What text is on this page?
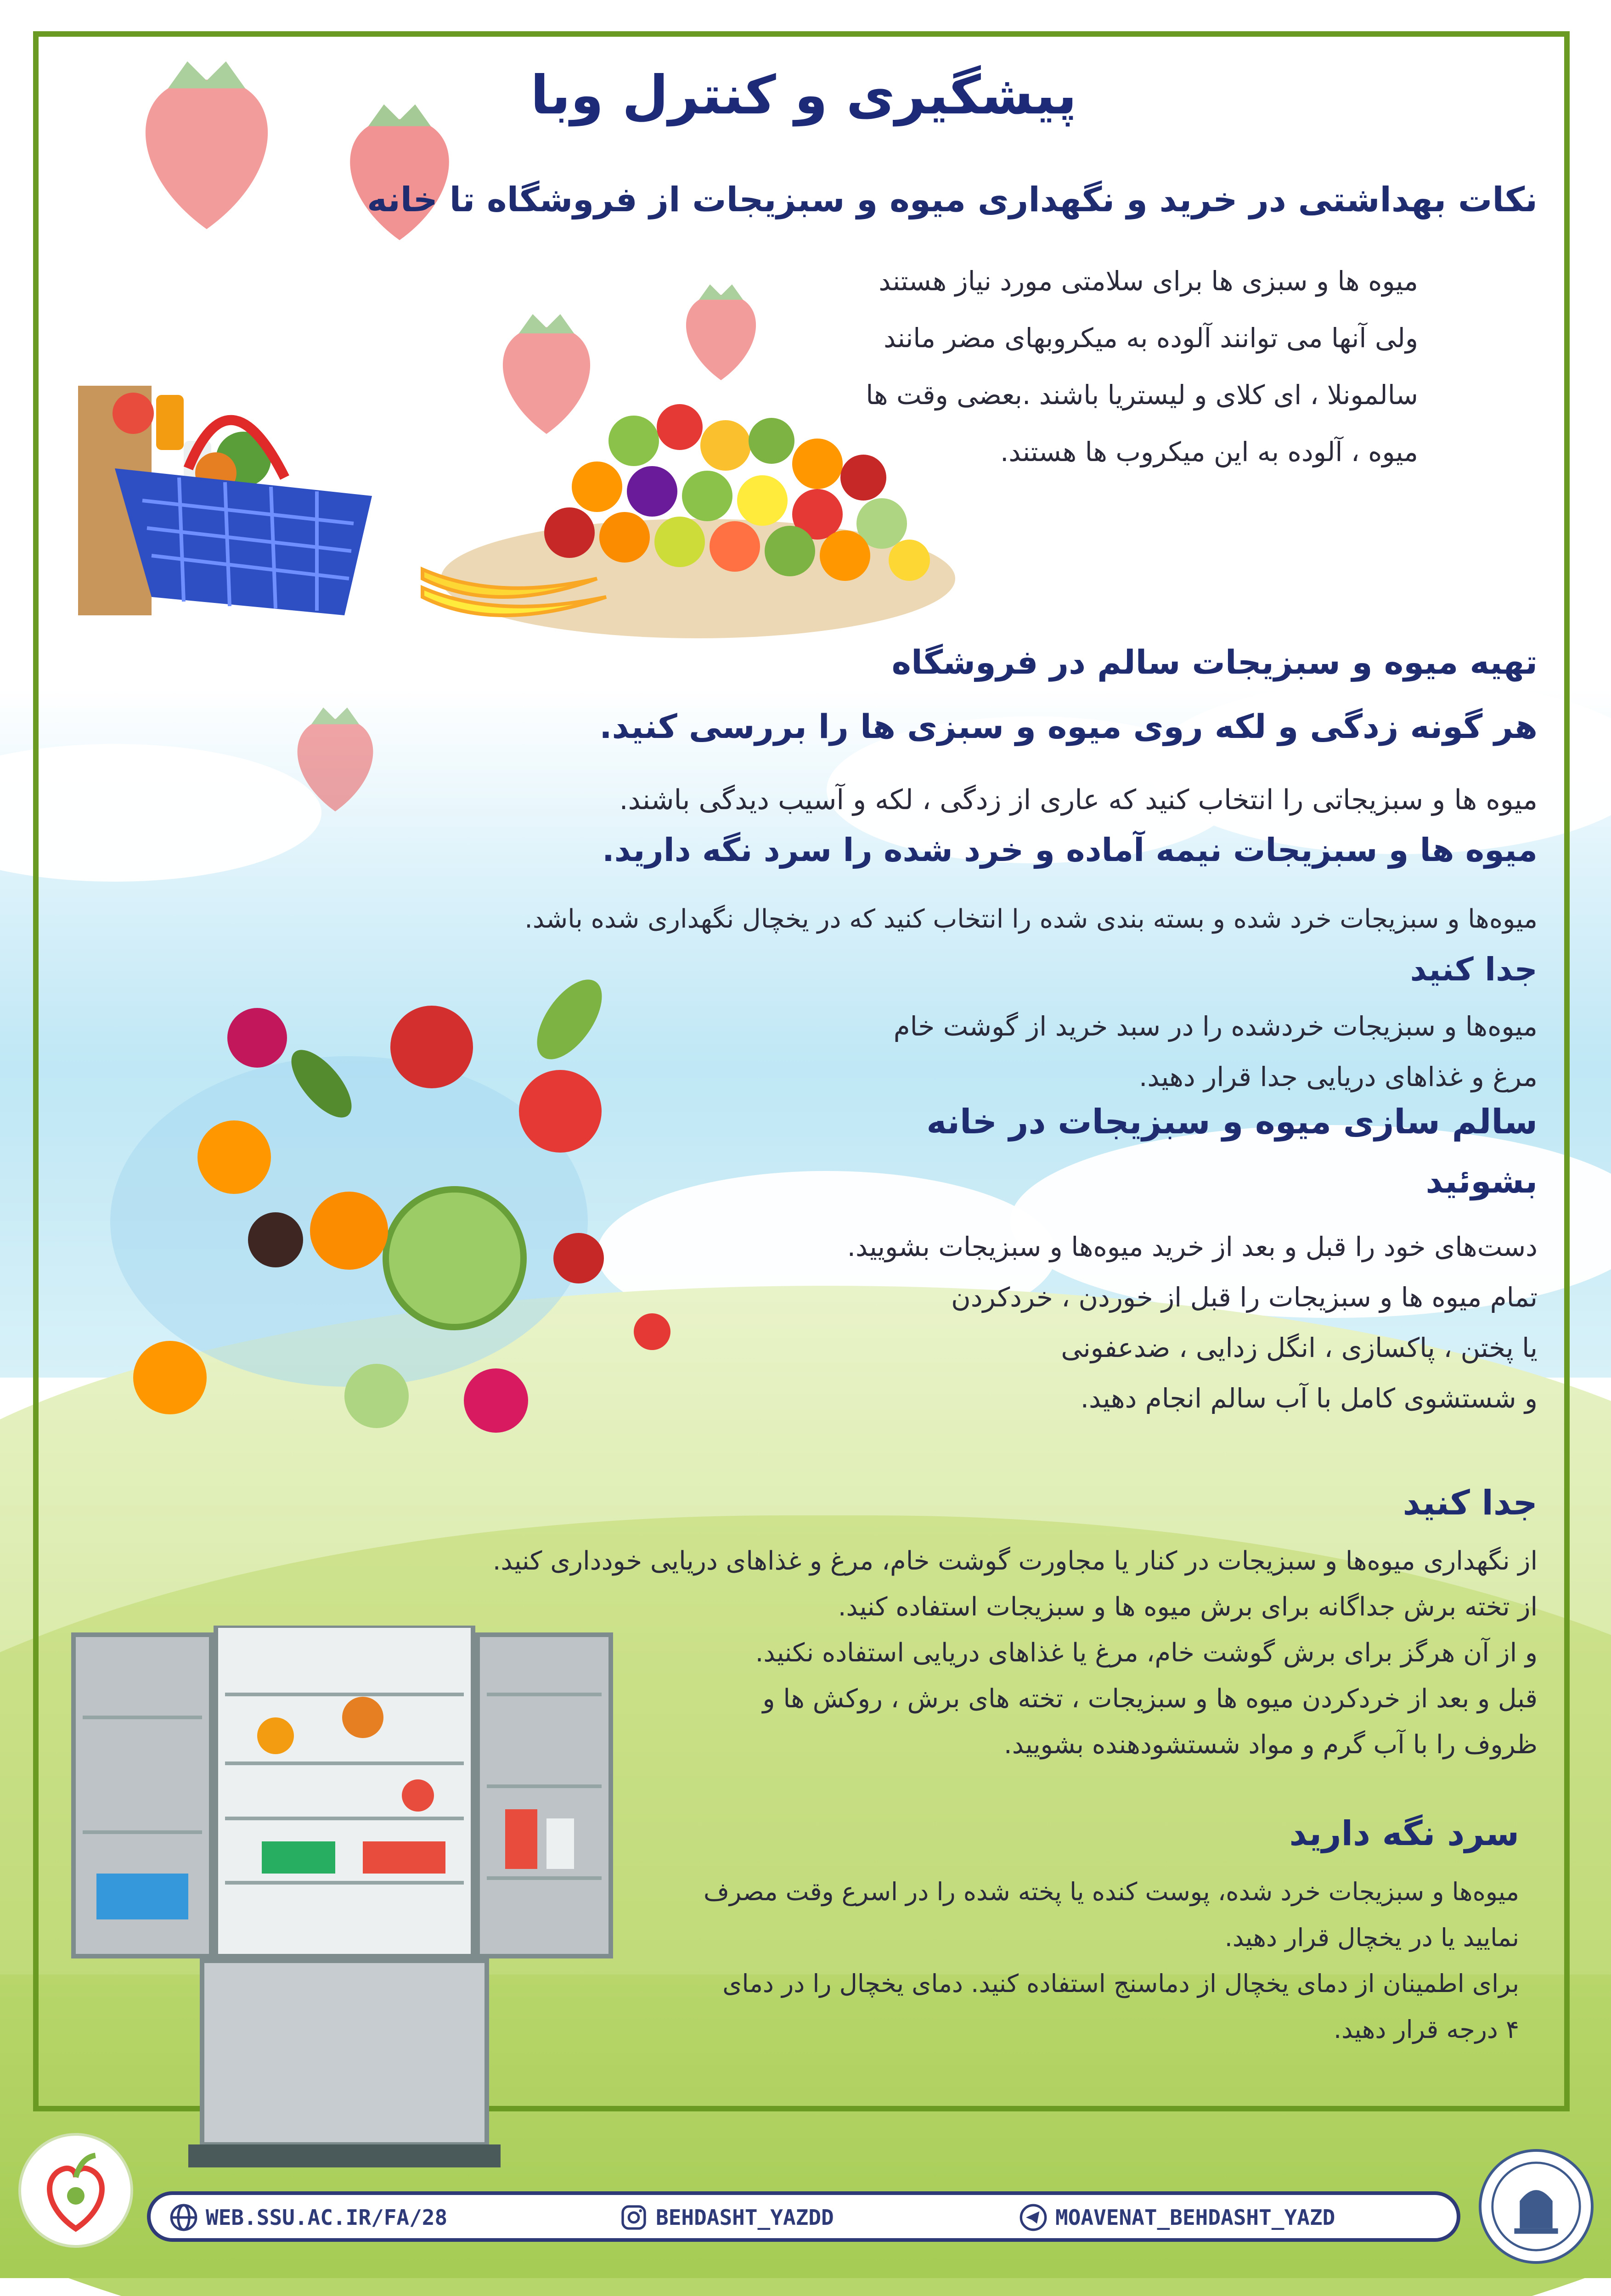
پیشگیری و کنترل وبا
نکات بهداشتی در خرید و نگهداری میوه و سبزیجات از فروشگاه تا خانه
میوه ها و سبزی ها برای سلامتی مورد نیاز هستند
ولی آنها می توانند آلوده به میکروبهای مضر مانند
سالمونلا ، ای کلای و لیستریا باشند .بعضی وقت ها
میوه ، آلوده به این میکروب ها هستند.
تهیه میوه و سبزیجات سالم در فروشگاه
هر گونه زدگی و لکه روی میوه و سبزی ها را بررسی کنید.
میوه ها و سبزیجاتی را انتخاب کنید که عاری از زدگی ، لکه و آسیب دیدگی باشند.
میوه ها و سبزیجات نیمه آماده و خرد شده را سرد نگه دارید.
میوه‌ها و سبزیجات خرد شده و بسته بندی شده را انتخاب کنید که در یخچال نگهداری شده باشد.
جدا کنید
میوه‌ها و سبزیجات خردشده را در سبد خرید از گوشت خام
مرغ و غذاهای دریایی جدا قرار دهید.
سالم سازی میوه و سبزیجات در خانه
بشوئید
دست‌های خود را قبل و بعد از خرید میوه‌ها و سبزیجات بشویید.
تمام میوه ها و سبزیجات را قبل از خوردن ، خردکردن
یا پختن ، پاکسازی ، انگل زدایی ، ضدعفونی
و شستشوی کامل با آب سالم انجام دهید.
جدا کنید
از نگهداری میوه‌ها و سبزیجات در کنار یا مجاورت گوشت خام، مرغ و غذاهای دریایی خودداری کنید.
از تخته برش جداگانه برای برش میوه ها و سبزیجات استفاده کنید.
و از آن هرگز برای برش گوشت خام، مرغ یا غذاهای دریایی استفاده نکنید.
قبل و بعد از خردکردن میوه ها و سبزیجات ، تخته های برش ، روکش ها و
ظروف را با آب گرم و مواد شستشودهنده بشویید.
سرد نگه دارید
میوه‌ها و سبزیجات خرد شده، پوست کنده یا پخته شده را در اسرع وقت مصرف
نمایید یا در یخچال قرار دهید.
برای اطمینان از دمای یخچال از دماسنج استفاده کنید. دمای یخچال را در دمای
۴ درجه قرار دهید.
WEB.SSU.AC.IR/FA/28	BEHDASHT_YAZDD	MOAVENAT_BEHDASHT_YAZD
